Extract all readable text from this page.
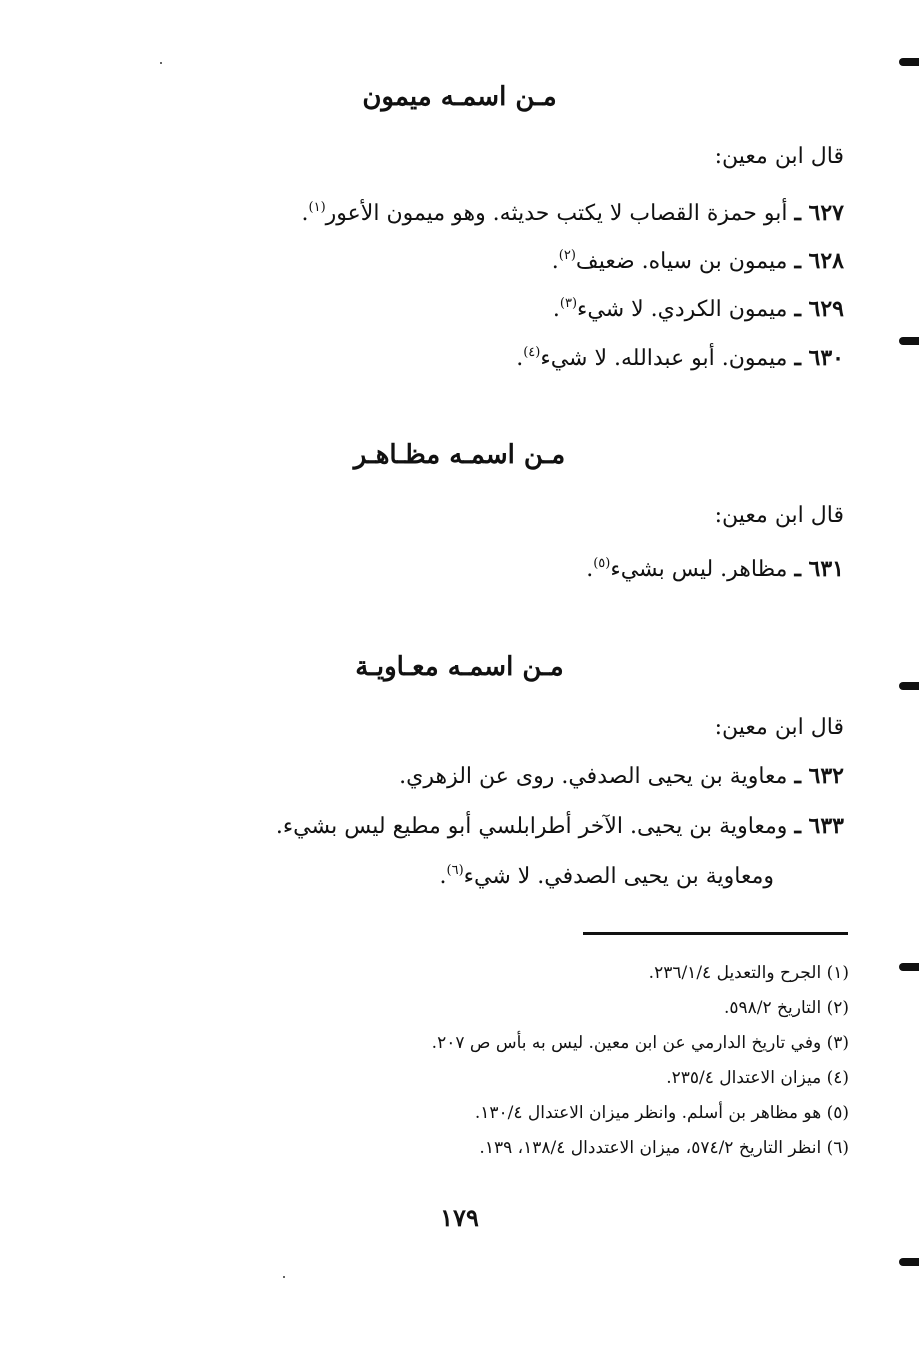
مـن اسمـه ميمون

قال ابن معين:

٦٢٧ ـ أبو حمزة القصاب لا يكتب حديثه. وهو ميمون الأعور$^{(١)}$.

٦٢٨ ـ ميمون بن سياه. ضعيف$^{(٢)}$.

٦٢٩ ـ ميمون الكردي. لا شيء$^{(٣)}$.

٦٣٠ ـ ميمون. أبو عبدالله. لا شيء$^{(٤)}$.

مـن اسمـه مظـاهـر

قال ابن معين:

٦٣١ ـ مظاهر. ليس بشيء$^{(٥)}$.

مـن اسمـه معـاويـة

قال ابن معين:

٦٣٢ ـ معاوية بن يحيى الصدفي. روى عن الزهري.

٦٣٣ ـ ومعاوية بن يحيى. الآخر أطرابلسي أبو مطيع ليس بشيء.

ومعاوية بن يحيى الصدفي. لا شيء$^{(٦)}$.

(١) الجرح والتعديل ٢٣٦/١/٤.
(٢) التاريخ ٥٩٨/٢.
(٣) وفي تاريخ الدارمي عن ابن معين. ليس به بأس ص ٢٠٧.
(٤) ميزان الاعتدال ٢٣٥/٤.
(٥) هو مظاهر بن أسلم. وانظر ميزان الاعتدال ١٣٠/٤.
(٦) انظر التاريخ ٥٧٤/٢، ميزان الاعتددال ١٣٨/٤، ١٣٩.
١٧٩
